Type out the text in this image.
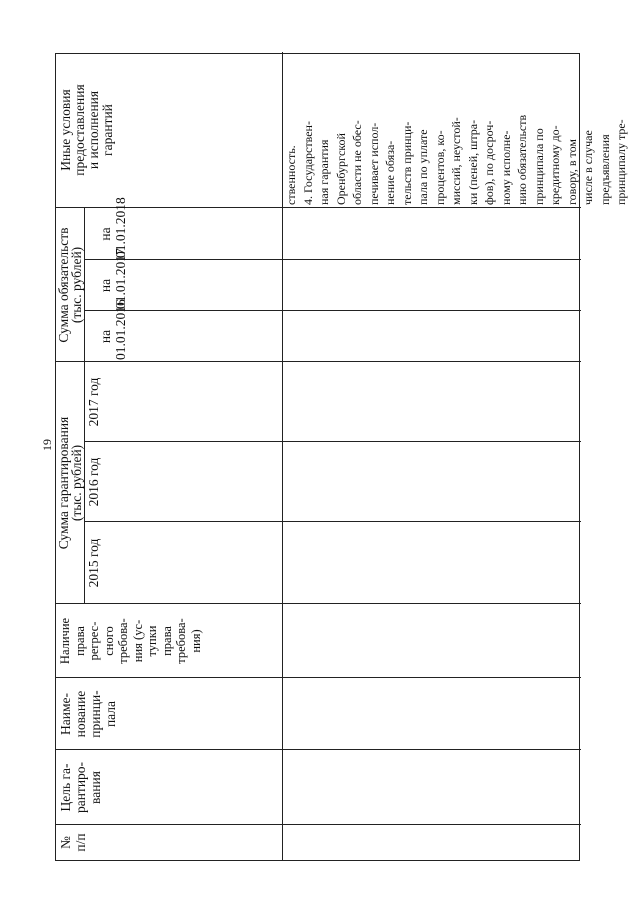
19
№
п/п
Цель га-
рантиро-
вания
Наиме-
нование
принци-
пала
Наличие
права
регрес-
сного
требова-
ния (ус-
тупки
права
требова-
ния)
Сумма гарантирования
(тыс. рублей)
2015 год
2016 год
2017 год
Сумма обязательств
(тыс. рублей)
на
01.01.2016
на
01.01.2017
на
01.01.2018
Иные условия
предоставления
и исполнения
гарантий
ственность. 4. Государствен- ная гарантия Оренбургской области не обес- печивает испол- нение обяза- тельств принци- пала по уплате процентов, ко- миссий, неустой- ки (пеней, штра- фов), по досроч- ному исполне- нию обязательств принципала по кредитному до- говору, в том числе в случае предъявления принципалу тре-
